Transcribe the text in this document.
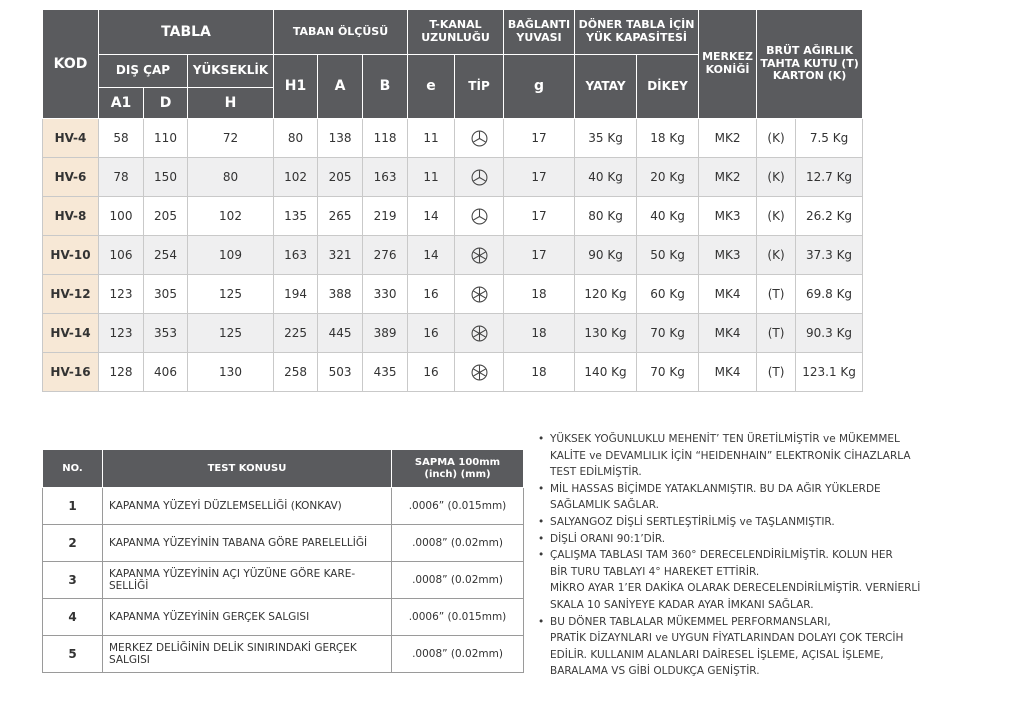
KOD	TABLA			TABAN ÖLÇÜSÜ			T-KANAL UZUNLUĞU		BAĞLANTI YUVASI	DÖNER TABLA İÇİN YÜK KAPASİTESİ		MERKEZ KONİĞİ	BRÜT AĞIRLIK TAHTA KUTU (T) KARTON (K)	
	DIŞ ÇAP		YÜKSEKLİK	H1	A	B	e	TİP	g	YATAY	DİKEY			
	A1	D	H											
HV-4	58	110	72	80	138	118	11		17	35 Kg	18 Kg	MK2	(K)	7.5 Kg
HV-6	78	150	80	102	205	163	11		17	40 Kg	20 Kg	MK2	(K)	12.7 Kg
HV-8	100	205	102	135	265	219	14		17	80 Kg	40 Kg	MK3	(K)	26.2 Kg
HV-10	106	254	109	163	321	276	14		17	90 Kg	50 Kg	MK3	(K)	37.3 Kg
HV-12	123	305	125	194	388	330	16		18	120 Kg	60 Kg	MK4	(T)	69.8 Kg
HV-14	123	353	125	225	445	389	16		18	130 Kg	70 Kg	MK4	(T)	90.3 Kg
HV-16	128	406	130	258	503	435	16		18	140 Kg	70 Kg	MK4	(T)	123.1 Kg
NO.	TEST KONUSU	SAPMA 100mm (inch) (mm)
1	KAPANMA YÜZEYİ DÜZLEMSELLİĞİ (KONKAV)	.0006” (0.015mm)
2	KAPANMA YÜZEYİNİN TABANA GÖRE PARELELLİĞİ	.0008” (0.02mm)
3	KAPANMA YÜZEYİNİN AÇI YÜZÜNE GÖRE KARE-SELLİĞİ	.0008” (0.02mm)
4	KAPANMA YÜZEYİNİN GERÇEK SALGISI	.0006” (0.015mm)
5	MERKEZ DELİĞİNİN DELİK SINIRINDAKİ GERÇEK SALGISI	.0008” (0.02mm)
• YÜKSEK YOĞUNLUKLU MEHENİT’ TEN ÜRETİLMİŞTİR ve MÜKEMMEL
KALİTE ve DEVAMLILIK İÇİN “HEIDENHAIN” ELEKTRONİK CİHAZLARLA
TEST EDİLMİŞTİR.
• MİL HASSAS BİÇİMDE YATAKLANMIŞTIR. BU DA AĞIR YÜKLERDE
SAĞLAMLIK SAĞLAR.
• SALYANGOZ DİŞLİ SERTLEŞTİRİLMİŞ ve TAŞLANMIŞTIR.
• DİŞLİ ORANI 90:1’DİR.
• ÇALIŞMA TABLASI TAM 360° DERECELENDİRİLMİŞTİR. KOLUN HER
BİR TURU TABLAYI 4° HAREKET ETTİRİR.
MİKRO AYAR 1’ER DAKİKA OLARAK DERECELENDİRİLMİŞTİR. VERNİERLİ
SKALA 10 SANİYEYE KADAR AYAR İMKANI SAĞLAR.
• BU DÖNER TABLALAR MÜKEMMEL PERFORMANSLARI,
PRATİK DİZAYNLARI ve UYGUN FİYATLARINDAN DOLAYI ÇOK TERCİH
EDİLİR. KULLANIM ALANLARI DAİRESEL İŞLEME, AÇISAL İŞLEME,
BARALAMA VS GİBİ OLDUKÇA GENİŞTİR.
